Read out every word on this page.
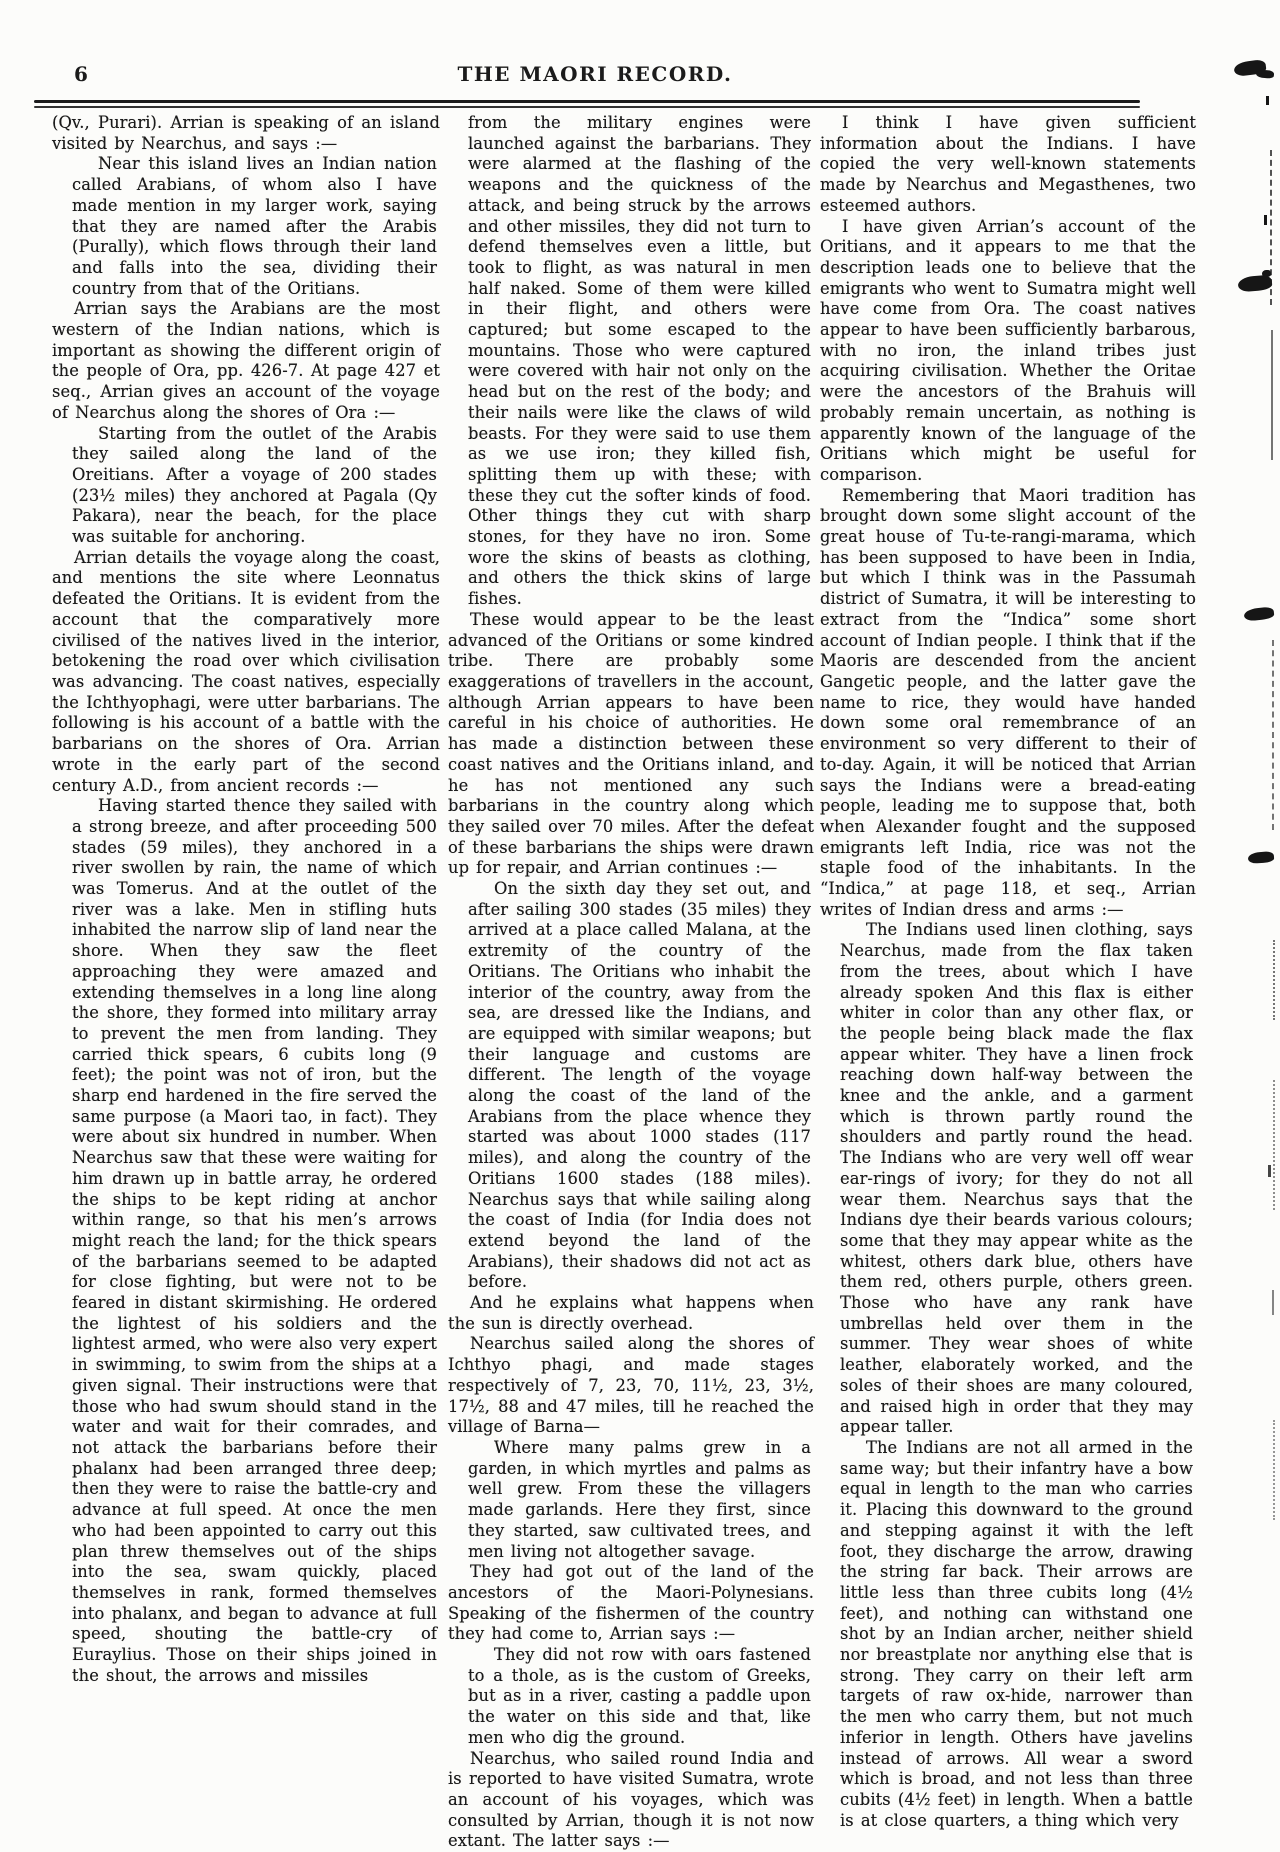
6	THE MAORI RECORD.

(Qv., Purari). Arrian is speaking of an island visited by Nearchus, and says :—

Near this island lives an Indian nation called Arabians, of whom also I have made mention in my larger work, saying that they are named after the Arabis (Purally), which flows through their land and falls into the sea, dividing their country from that of the Oritians.

Arrian says the Arabians are the most western of the Indian nations, which is important as showing the different origin of the people of Ora, pp. 426-7. At page 427 et seq., Arrian gives an account of the voyage of Nearchus along the shores of Ora :—

Starting from the outlet of the Arabis they sailed along the land of the Oreitians. After a voyage of 200 stades (23½ miles) they anchored at Pagala (Qy Pakara), near the beach, for the place was suitable for anchoring.

Arrian details the voyage along the coast, and mentions the site where Leonnatus defeated the Oritians. It is evident from the account that the comparatively more civilised of the natives lived in the interior, betokening the road over which civilisation was advancing. The coast natives, especially the Ichthyophagi, were utter barbarians. The following is his account of a battle with the barbarians on the shores of Ora. Arrian wrote in the early part of the second century A.D., from ancient records :—

Having started thence they sailed with a strong breeze, and after proceeding 500 stades (59 miles), they anchored in a river swollen by rain, the name of which was Tomerus. And at the outlet of the river was a lake. Men in stifling huts inhabited the narrow slip of land near the shore. When they saw the fleet approaching they were amazed and extending themselves in a long line along the shore, they formed into military array to prevent the men from landing. They carried thick spears, 6 cubits long (9 feet); the point was not of iron, but the sharp end hardened in the fire served the same purpose (a Maori tao, in fact). They were about six hundred in number. When Nearchus saw that these were waiting for him drawn up in battle array, he ordered the ships to be kept riding at anchor within range, so that his men’s arrows might reach the land; for the thick spears of the barbarians seemed to be adapted for close fighting, but were not to be feared in distant skirmishing. He ordered the lightest of his soldiers and the lightest armed, who were also very expert in swimming, to swim from the ships at a given signal. Their instructions were that those who had swum should stand in the water and wait for their comrades, and not attack the barbarians before their phalanx had been arranged three deep; then they were to raise the battle-cry and advance at full speed. At once the men who had been appointed to carry out this plan threw themselves out of the ships into the sea, swam quickly, placed themselves in rank, formed themselves into phalanx, and began to advance at full speed, shouting the battle-cry of Euraylius. Those on their ships joined in the shout, the arrows and missiles

from the military engines were launched against the barbarians. They were alarmed at the flashing of the weapons and the quickness of the attack, and being struck by the arrows and other missiles, they did not turn to defend themselves even a little, but took to flight, as was natural in men half naked. Some of them were killed in their flight, and others were captured; but some escaped to the mountains. Those who were captured were covered with hair not only on the head but on the rest of the body; and their nails were like the claws of wild beasts. For they were said to use them as we use iron; they killed fish, splitting them up with these; with these they cut the softer kinds of food. Other things they cut with sharp stones, for they have no iron. Some wore the skins of beasts as clothing, and others the thick skins of large fishes.

These would appear to be the least advanced of the Oritians or some kindred tribe. There are probably some exaggerations of travellers in the account, although Arrian appears to have been careful in his choice of authorities. He has made a distinction between these coast natives and the Oritians inland, and he has not mentioned any such barbarians in the country along which they sailed over 70 miles. After the defeat of these barbarians the ships were drawn up for repair, and Arrian continues :—

On the sixth day they set out, and after sailing 300 stades (35 miles) they arrived at a place called Malana, at the extremity of the country of the Oritians. The Oritians who inhabit the interior of the country, away from the sea, are dressed like the Indians, and are equipped with similar weapons; but their language and customs are different. The length of the voyage along the coast of the land of the Arabians from the place whence they started was about 1000 stades (117 miles), and along the country of the Oritians 1600 stades (188 miles). Nearchus says that while sailing along the coast of India (for India does not extend beyond the land of the Arabians), their shadows did not act as before.

And he explains what happens when the sun is directly overhead.

Nearchus sailed along the shores of Ichthyo phagi, and made stages respectively of 7, 23, 70, 11½, 23, 3½, 17½, 88 and 47 miles, till he reached the village of Barna—

Where many palms grew in a garden, in which myrtles and palms as well grew. From these the villagers made garlands. Here they first, since they started, saw cultivated trees, and men living not altogether savage.

They had got out of the land of the ancestors of the Maori-Polynesians. Speaking of the fishermen of the country they had come to, Arrian says :—

They did not row with oars fastened to a thole, as is the custom of Greeks, but as in a river, casting a paddle upon the water on this side and that, like men who dig the ground.

Nearchus, who sailed round India and is reported to have visited Sumatra, wrote an account of his voyages, which was consulted by Arrian, though it is not now extant. The latter says :—

I think I have given sufficient information about the Indians. I have copied the very well-known statements made by Nearchus and Megasthenes, two esteemed authors.

I have given Arrian’s account of the Oritians, and it appears to me that the description leads one to believe that the emigrants who went to Sumatra might well have come from Ora. The coast natives appear to have been sufficiently barbarous, with no iron, the inland tribes just acquiring civilisation. Whether the Oritae were the ancestors of the Brahuis will probably remain uncertain, as nothing is apparently known of the language of the Oritians which might be useful for comparison.

Remembering that Maori tradition has brought down some slight account of the great house of Tu-te-rangi-marama, which has been supposed to have been in India, but which I think was in the Passumah district of Sumatra, it will be interesting to extract from the “Indica” some short account of Indian people. I think that if the Maoris are descended from the ancient Gangetic people, and the latter gave the name to rice, they would have handed down some oral remembrance of an environment so very different to their of to-day. Again, it will be noticed that Arrian says the Indians were a bread-eating people, leading me to suppose that, both when Alexander fought and the supposed emigrants left India, rice was not the staple food of the inhabitants. In the “Indica,” at page 118, et seq., Arrian writes of Indian dress and arms :—

The Indians used linen clothing, says Nearchus, made from the flax taken from the trees, about which I have already spoken And this flax is either whiter in color than any other flax, or the people being black made the flax appear whiter. They have a linen frock reaching down half-way between the knee and the ankle, and a garment which is thrown partly round the shoulders and partly round the head. The Indians who are very well off wear ear-rings of ivory; for they do not all wear them. Nearchus says that the Indians dye their beards various colours; some that they may appear white as the whitest, others dark blue, others have them red, others purple, others green. Those who have any rank have umbrellas held over them in the summer. They wear shoes of white leather, elaborately worked, and the soles of their shoes are many coloured, and raised high in order that they may appear taller.

The Indians are not all armed in the same way; but their infantry have a bow equal in length to the man who carries it. Placing this downward to the ground and stepping against it with the left foot, they discharge the arrow, drawing the string far back. Their arrows are little less than three cubits long (4½ feet), and nothing can withstand one shot by an Indian archer, neither shield nor breastplate nor anything else that is strong. They carry on their left arm targets of raw ox-hide, narrower than the men who carry them, but not much inferior in length. Others have javelins instead of arrows. All wear a sword which is broad, and not less than three cubits (4½ feet) in length. When a battle is at close quarters, a thing which very
